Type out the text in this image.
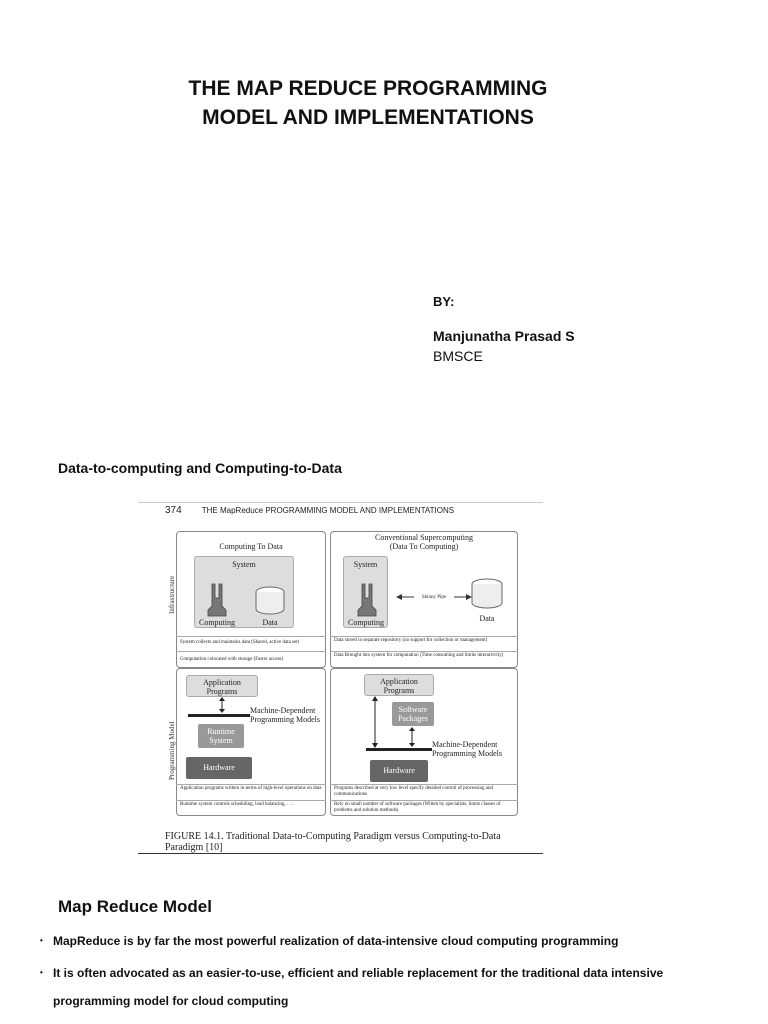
THE MAP REDUCE PROGRAMMING
MODEL AND IMPLEMENTATIONS
BY:
Manjunatha Prasad S
BMSCE
Data-to-computing and Computing-to-Data
374	THE MapReduce PROGRAMMING MODEL AND IMPLEMENTATIONS
Infrastructure
Programming Model
Computing To Data
System
Computing	Data
System collects and maintains data (Shared, active data set)
Computation colocated with storage (Faster access)
Conventional Supercomputing
(Data To Computing)
System
Computing
Skinny Pipe
Data
Data stored in separate repository (no support for collection or management)
Data Brought into system for computation (Time consuming and limits interactivity)
Application Programs
Machine-Dependent Programming Models
Runtime System
Hardware
Application programs written in terms of high-level operations on data
Runtime system controls scheduling, load balancing, . . .
Application Programs
Software Packages
Machine-Dependent Programming Models
Hardware
Programs described at very low level specify detailed control of processing and communications
Rely on small number of software packages (Witten by specialists, limits classes of problems and solution methods)
FIGURE 14.1. Traditional Data-to-Computing Paradigm versus Computing-to-Data
Paradigm [10]
Map Reduce Model
• MapReduce is by far the most powerful realization of data-intensive cloud computing programming
• It is often advocated as an easier-to-use, efficient and reliable replacement for the traditional data intensive programming model for cloud computing
